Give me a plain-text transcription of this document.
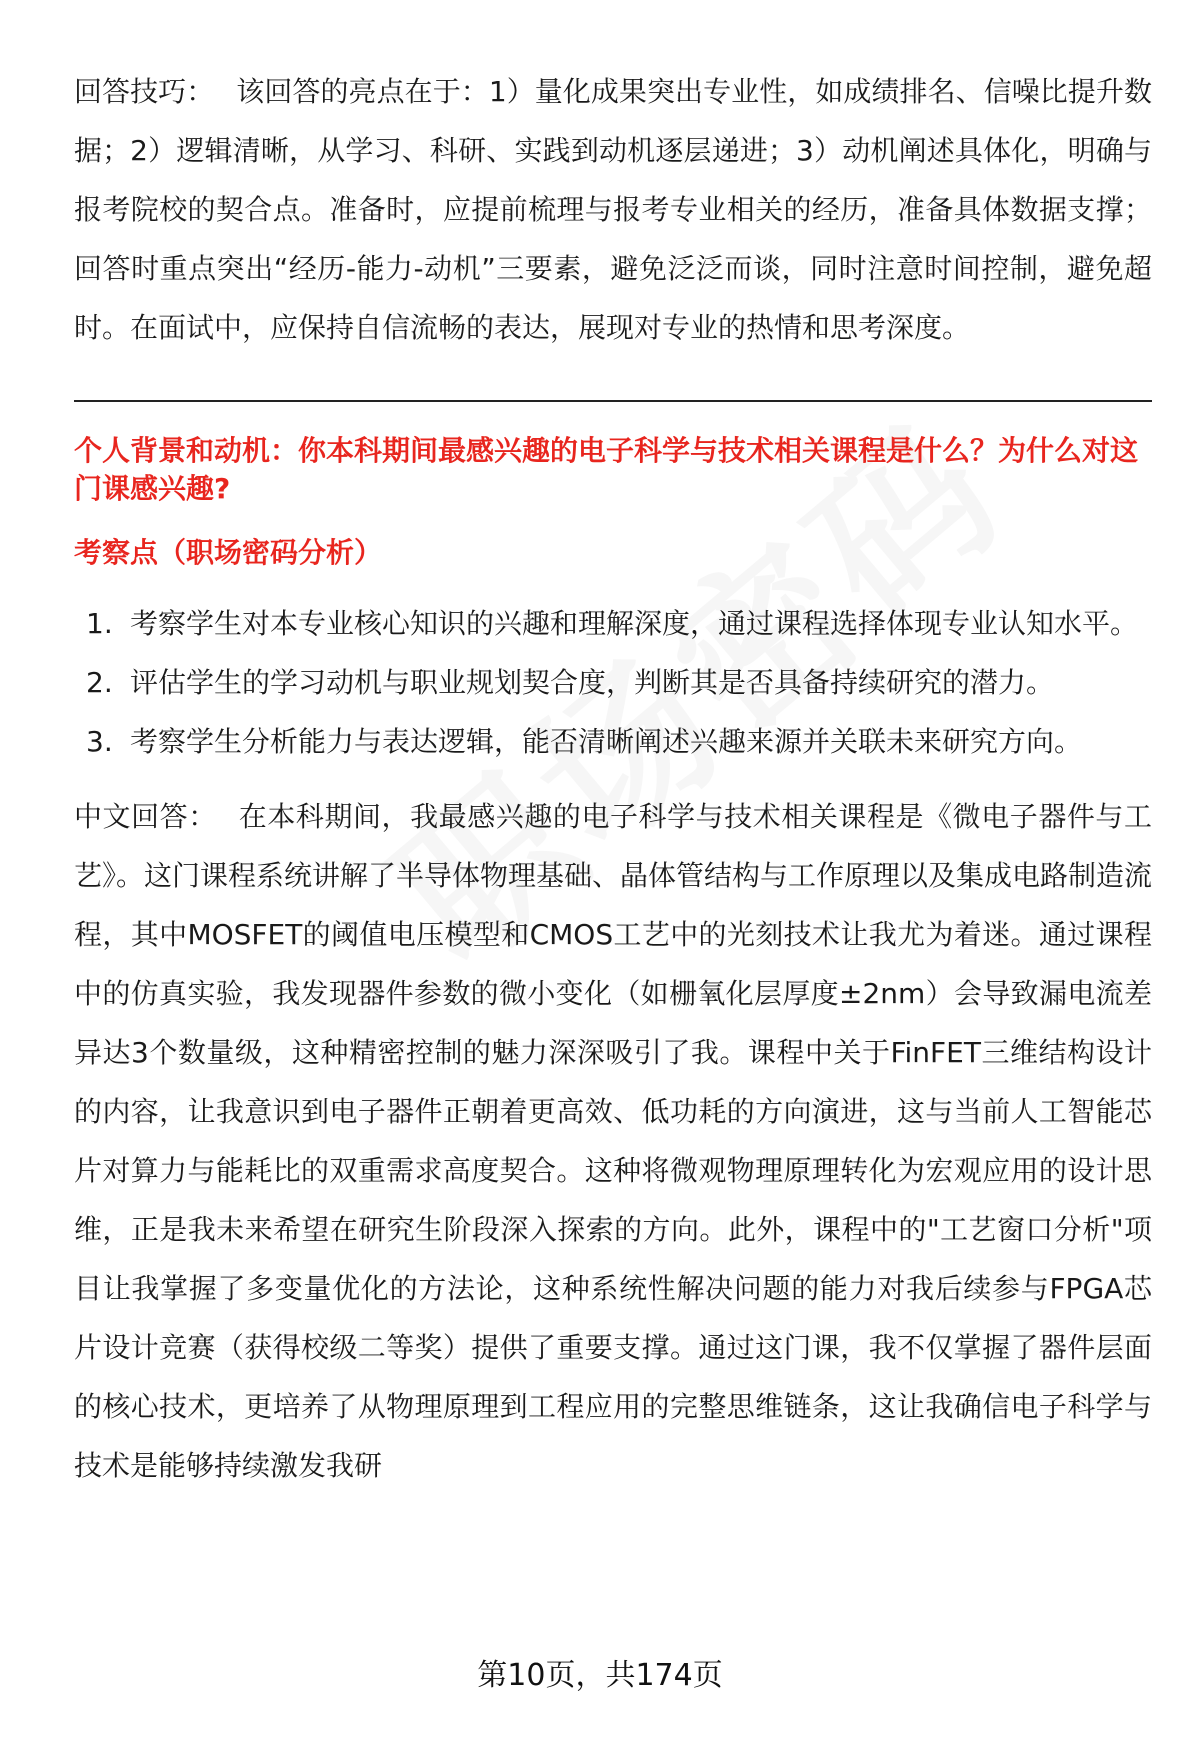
回答技巧： 该回答的亮点在于：1）量化成果突出专业性，如成绩排名、信噪比提升数据；2）逻辑清晰，从学习、科研、实践到动机逐层递进；3）动机阐述具体化，明确与报考院校的契合点。准备时，应提前梳理与报考专业相关的经历，准备具体数据支撑；回答时重点突出“经历-能力-动机”三要素，避免泛泛而谈，同时注意时间控制，避免超时。在面试中，应保持自信流畅的表达，展现对专业的热情和思考深度。

个人背景和动机：你本科期间最感兴趣的电子科学与技术相关课程是什么？为什么对这门课感兴趣?

考察点（职场密码分析）

1. 考察学生对本专业核心知识的兴趣和理解深度，通过课程选择体现专业认知水平。
2. 评估学生的学习动机与职业规划契合度，判断其是否具备持续研究的潜力。
3. 考察学生分析能力与表达逻辑，能否清晰阐述兴趣来源并关联未来研究方向。

中文回答： 在本科期间，我最感兴趣的电子科学与技术相关课程是《微电子器件与工艺》。这门课程系统讲解了半导体物理基础、晶体管结构与工作原理以及集成电路制造流程，其中MOSFET的阈值电压模型和CMOS工艺中的光刻技术让我尤为着迷。通过课程中的仿真实验，我发现器件参数的微小变化（如栅氧化层厚度±2nm）会导致漏电流差异达3个数量级，这种精密控制的魅力深深吸引了我。课程中关于FinFET三维结构设计的内容，让我意识到电子器件正朝着更高效、低功耗的方向演进，这与当前人工智能芯片对算力与能耗比的双重需求高度契合。这种将微观物理原理转化为宏观应用的设计思维，正是我未来希望在研究生阶段深入探索的方向。此外，课程中的"工艺窗口分析"项目让我掌握了多变量优化的方法论，这种系统性解决问题的能力对我后续参与FPGA芯片设计竞赛（获得校级二等奖）提供了重要支撑。通过这门课，我不仅掌握了器件层面的核心技术，更培养了从物理原理到工程应用的完整思维链条，这让我确信电子科学与技术是能够持续激发我研

第10页，共174页
